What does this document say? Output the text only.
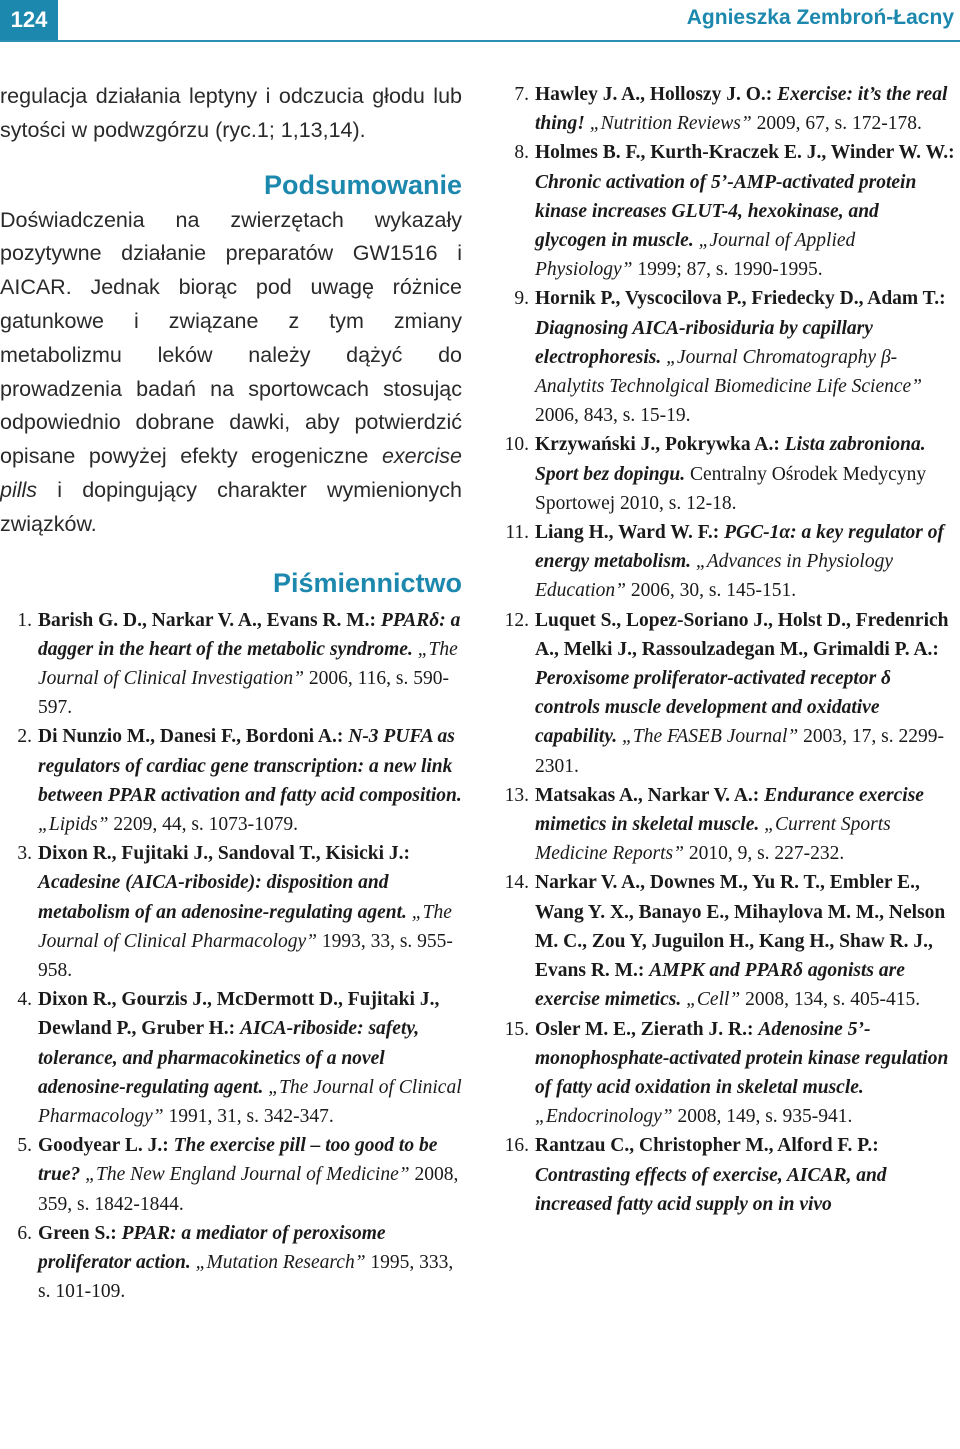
124	Agnieszka Zembroń-Łacny

regulacja działania leptyny i odczucia głodu lub sytości w podwzgórzu (ryc.1; 1,13,14).

Podsumowanie

Doświadczenia na zwierzętach wykazały pozytywne działanie preparatów GW1516 i AICAR. Jednak biorąc pod uwagę różnice gatunkowe i związane z tym zmiany metabolizmu leków należy dążyć do prowadzenia badań na sportowcach stosując odpowiednio dobrane dawki, aby potwierdzić opisane powyżej efekty erogeniczne exercise pills i dopingujący charakter wymienionych związków.

Piśmiennictwo
1. Barish G. D., Narkar V. A., Evans R. M.: PPARδ: a dagger in the heart of the metabolic syndrome. „The Journal of Clinical Investigation” 2006, 116, s. 590-597.
2. Di Nunzio M., Danesi F., Bordoni A.: N-3 PUFA as regulators of cardiac gene transcription: a new link between PPAR activation and fatty acid composition. „Lipids” 2209, 44, s. 1073-1079.
3. Dixon R., Fujitaki J., Sandoval T., Kisicki J.: Acadesine (AICA-riboside): disposition and metabolism of an adenosine-regulating agent. „The Journal of Clinical Pharmacology” 1993, 33, s. 955-958.
4. Dixon R., Gourzis J., McDermott D., Fujitaki J., Dewland P., Gruber H.: AICA-riboside: safety, tolerance, and pharmacokinetics of a novel adenosine-regulating agent. „The Journal of Clinical Pharmacology” 1991, 31, s. 342-347.
5. Goodyear L. J.: The exercise pill – too good to be true? „The New England Journal of Medicine” 2008, 359, s. 1842-1844.
6. Green S.: PPAR: a mediator of peroxisome proliferator action. „Mutation Research” 1995, 333, s. 101-109.
7. Hawley J. A., Holloszy J. O.: Exercise: it’s the real thing! „Nutrition Reviews” 2009, 67, s. 172-178.
8. Holmes B. F., Kurth-Kraczek E. J., Winder W. W.: Chronic activation of 5’-AMP-activated protein kinase increases GLUT-4, hexokinase, and glycogen in muscle. „Journal of Applied Physiology” 1999; 87, s. 1990-1995.
9. Hornik P., Vyscocilova P., Friedecky D., Adam T.: Diagnosing AICA-ribosiduria by capillary electrophoresis. „Journal Chromatography β-Analytits Technolgical Biomedicine Life Science” 2006, 843, s. 15-19.
10. Krzywański J., Pokrywka A.: Lista zabroniona. Sport bez dopingu. Centralny Ośrodek Medycyny Sportowej 2010, s. 12-18.
11. Liang H., Ward W. F.: PGC-1α: a key regulator of energy metabolism. „Advances in Physiology Education” 2006, 30, s. 145-151.
12. Luquet S., Lopez-Soriano J., Holst D., Fredenrich A., Melki J., Rassoulzadegan M., Grimaldi P. A.: Peroxisome proliferator-activated receptor δ controls muscle development and oxidative capability. „The FASEB Journal” 2003, 17, s. 2299-2301.
13. Matsakas A., Narkar V. A.: Endurance exercise mimetics in skeletal muscle. „Current Sports Medicine Reports” 2010, 9, s. 227-232.
14. Narkar V. A., Downes M., Yu R. T., Embler E., Wang Y. X., Banayo E., Mihaylova M. M., Nelson M. C., Zou Y, Juguilon H., Kang H., Shaw R. J., Evans R. M.: AMPK and PPARδ agonists are exercise mimetics. „Cell” 2008, 134, s. 405-415.
15. Osler M. E., Zierath J. R.: Adenosine 5’-monophosphate-activated protein kinase regulation of fatty acid oxidation in skeletal muscle. „Endocrinology” 2008, 149, s. 935-941.
16. Rantzau C., Christopher M., Alford F. P.: Contrasting effects of exercise, AICAR, and increased fatty acid supply on in vivo
